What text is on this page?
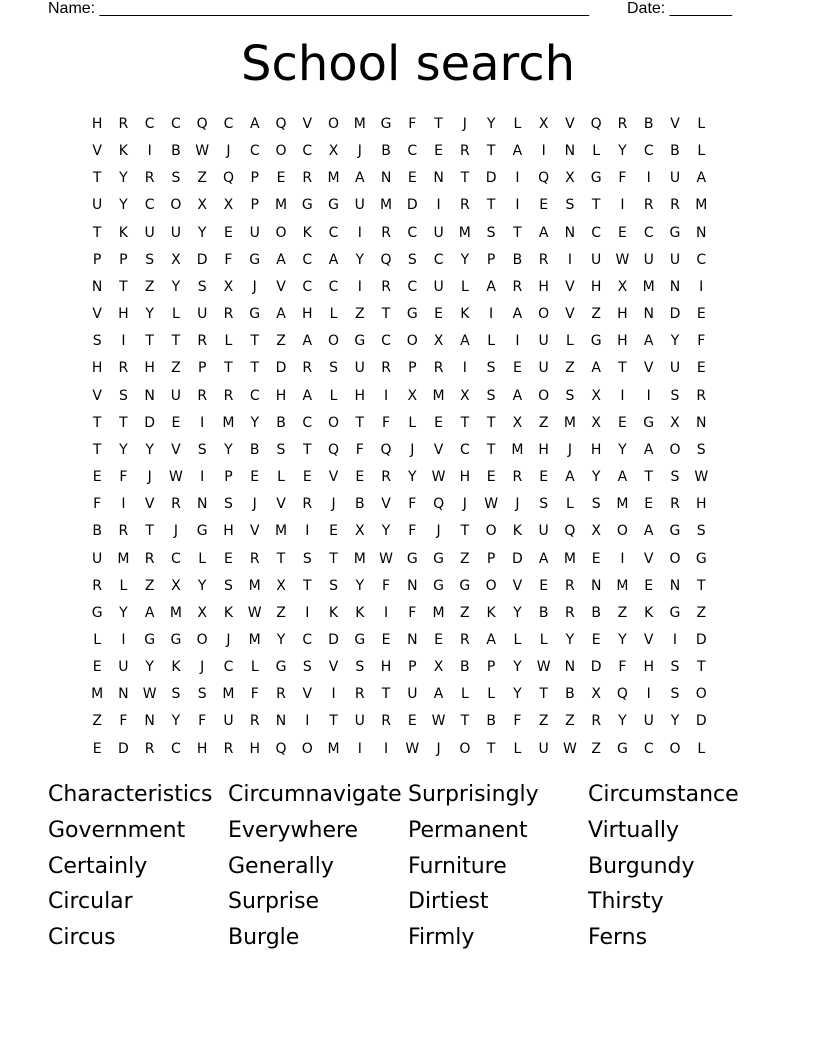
Name: _______________________________________________________ Date: _______
School search
H	R	C	C	Q	C	A	Q	V	O	M	G	F	T	J	Y	L	X	V	Q	R	B	V	L
V	K	I	B	W	J	C	O	C	X	J	B	C	E	R	T	A	I	N	L	Y	C	B	L
T	Y	R	S	Z	Q	P	E	R	M	A	N	E	N	T	D	I	Q	X	G	F	I	U	A
U	Y	C	O	X	X	P	M	G	G	U	M	D	I	R	T	I	E	S	T	I	R	R	M
T	K	U	U	Y	E	U	O	K	C	I	R	C	U	M	S	T	A	N	C	E	C	G	N
P	P	S	X	D	F	G	A	C	A	Y	Q	S	C	Y	P	B	R	I	U	W	U	U	C
N	T	Z	Y	S	X	J	V	C	C	I	R	C	U	L	A	R	H	V	H	X	M	N	I
V	H	Y	L	U	R	G	A	H	L	Z	T	G	E	K	I	A	O	V	Z	H	N	D	E
S	I	T	T	R	L	T	Z	A	O	G	C	O	X	A	L	I	U	L	G	H	A	Y	F
H	R	H	Z	P	T	T	D	R	S	U	R	P	R	I	S	E	U	Z	A	T	V	U	E
V	S	N	U	R	R	C	H	A	L	H	I	X	M	X	S	A	O	S	X	I	I	S	R
T	T	D	E	I	M	Y	B	C	O	T	F	L	E	T	T	X	Z	M	X	E	G	X	N
T	Y	Y	V	S	Y	B	S	T	Q	F	Q	J	V	C	T	M	H	J	H	Y	A	O	S
E	F	J	W	I	P	E	L	E	V	E	R	Y	W	H	E	R	E	A	Y	A	T	S	W
F	I	V	R	N	S	J	V	R	J	B	V	F	Q	J	W	J	S	L	S	M	E	R	H
B	R	T	J	G	H	V	M	I	E	X	Y	F	J	T	O	K	U	Q	X	O	A	G	S
U	M	R	C	L	E	R	T	S	T	M W G	G	Z	P	D	A	M	E	I	V	O	G
R	L	Z	X	Y	S	M	X	T	S	Y	F	N	G	G	O	V	E	R	N	M	E	N	T
G	Y	A	M	X	K	W	Z	I	K	K	I	F	M	Z	K	Y	B	R	B	Z	K	G	Z
L	I	G	G	O	J	M	Y	C	D	G	E	N	E	R	A	L	L	Y	E	Y	V	I	D
E	U	Y	K	J	C	L	G	S	V	S	H	P	X	B	P	Y	W	N	D	F	H	S	T
M	N	W	S	S	M	F	R	V	I	R	T	U	A	L	L	Y	T	B	X	Q	I	S	O
Z	F	N	Y	F	U	R	N	I	T	U	R	E	W	T	B	F	Z	Z	R	Y	U	Y	D
E	D	R	C	H	R	H	Q	O	M	I	I	W	J	O	T	L	U	W	Z	G	C	O	L
Characteristics Circumnavigate Surprisingly	Circumstance
Government	Everywhere	Permanent	Virtually
Certainly	Generally	Furniture	Burgundy
Circular	Surprise	Dirtiest	Thirsty
Circus	Burgle	Firmly	Ferns
